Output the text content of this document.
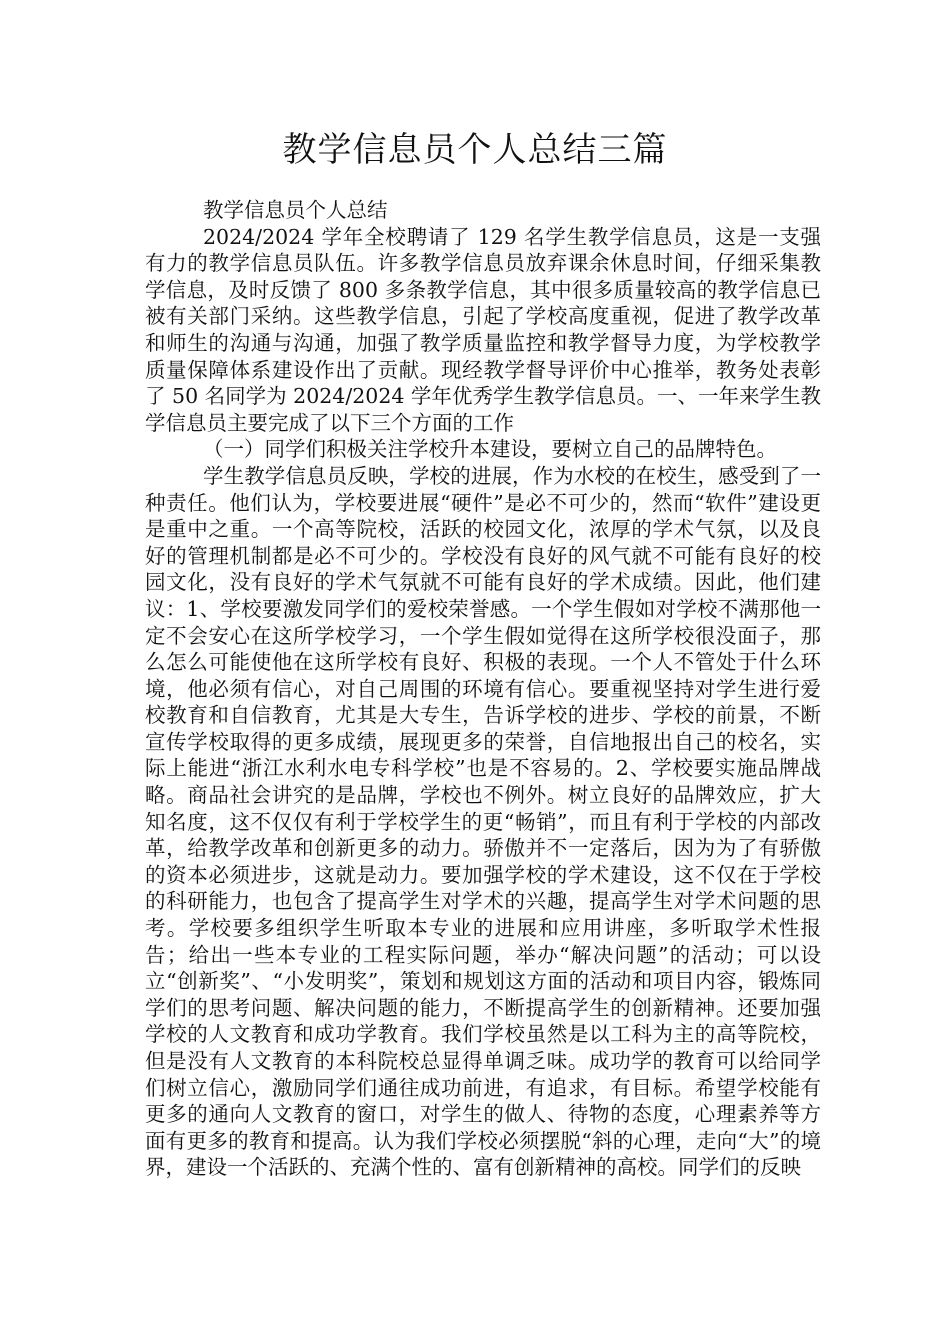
教学信息员个人总结三篇

教学信息员个人总结

2024/2024 学年全校聘请了 129 名学生教学信息员，这是一支强有力的教学信息员队伍。许多教学信息员放弃课余休息时间，仔细采集教学信息，及时反馈了 800 多条教学信息，其中很多质量较高的教学信息已被有关部门采纳。这些教学信息，引起了学校高度重视，促进了教学改革和师生的沟通与沟通，加强了教学质量监控和教学督导力度，为学校教学质量保障体系建设作出了贡献。现经教学督导评价中心推举，教务处表彰了 50 名同学为 2024/2024 学年优秀学生教学信息员。一、一年来学生教学信息员主要完成了以下三个方面的工作

（一）同学们积极关注学校升本建设，要树立自己的品牌特色。

学生教学信息员反映，学校的进展，作为水校的在校生，感受到了一种责任。他们认为，学校要进展“硬件”是必不可少的，然而“软件”建设更是重中之重。一个高等院校，活跃的校园文化，浓厚的学术气氛，以及良好的管理机制都是必不可少的。学校没有良好的风气就不可能有良好的校园文化，没有良好的学术气氛就不可能有良好的学术成绩。因此，他们建议：1、学校要激发同学们的爱校荣誉感。一个学生假如对学校不满那他一定不会安心在这所学校学习，一个学生假如觉得在这所学校很没面子，那么怎么可能使他在这所学校有良好、积极的表现。一个人不管处于什么环境，他必须有信心，对自己周围的环境有信心。要重视坚持对学生进行爱校教育和自信教育，尤其是大专生，告诉学校的进步、学校的前景，不断宣传学校取得的更多成绩，展现更多的荣誉，自信地报出自己的校名，实际上能进“浙江水利水电专科学校”也是不容易的。2、学校要实施品牌战略。商品社会讲究的是品牌，学校也不例外。树立良好的品牌效应，扩大知名度，这不仅仅有利于学校学生的更“畅销”，而且有利于学校的内部改革，给教学改革和创新更多的动力。骄傲并不一定落后，因为为了有骄傲的资本必须进步，这就是动力。要加强学校的学术建设，这不仅在于学校的科研能力，也包含了提高学生对学术的兴趣，提高学生对学术问题的思考。学校要多组织学生听取本专业的进展和应用讲座，多听取学术性报告；给出一些本专业的工程实际问题，举办“解决问题”的活动；可以设立“创新奖”、“小发明奖”，策划和规划这方面的活动和项目内容，锻炼同学们的思考问题、解决问题的能力，不断提高学生的创新精神。还要加强学校的人文教育和成功学教育。我们学校虽然是以工科为主的高等院校，但是没有人文教育的本科院校总显得单调乏味。成功学的教育可以给同学们树立信心，激励同学们通往成功前进，有追求，有目标。希望学校能有更多的通向人文教育的窗口，对学生的做人、待物的态度，心理素养等方面有更多的教育和提高。认为我们学校必须摆脱“斜的心理，走向“大”的境界，建设一个活跃的、充满个性的、富有创新精神的高校。同学们的反映
